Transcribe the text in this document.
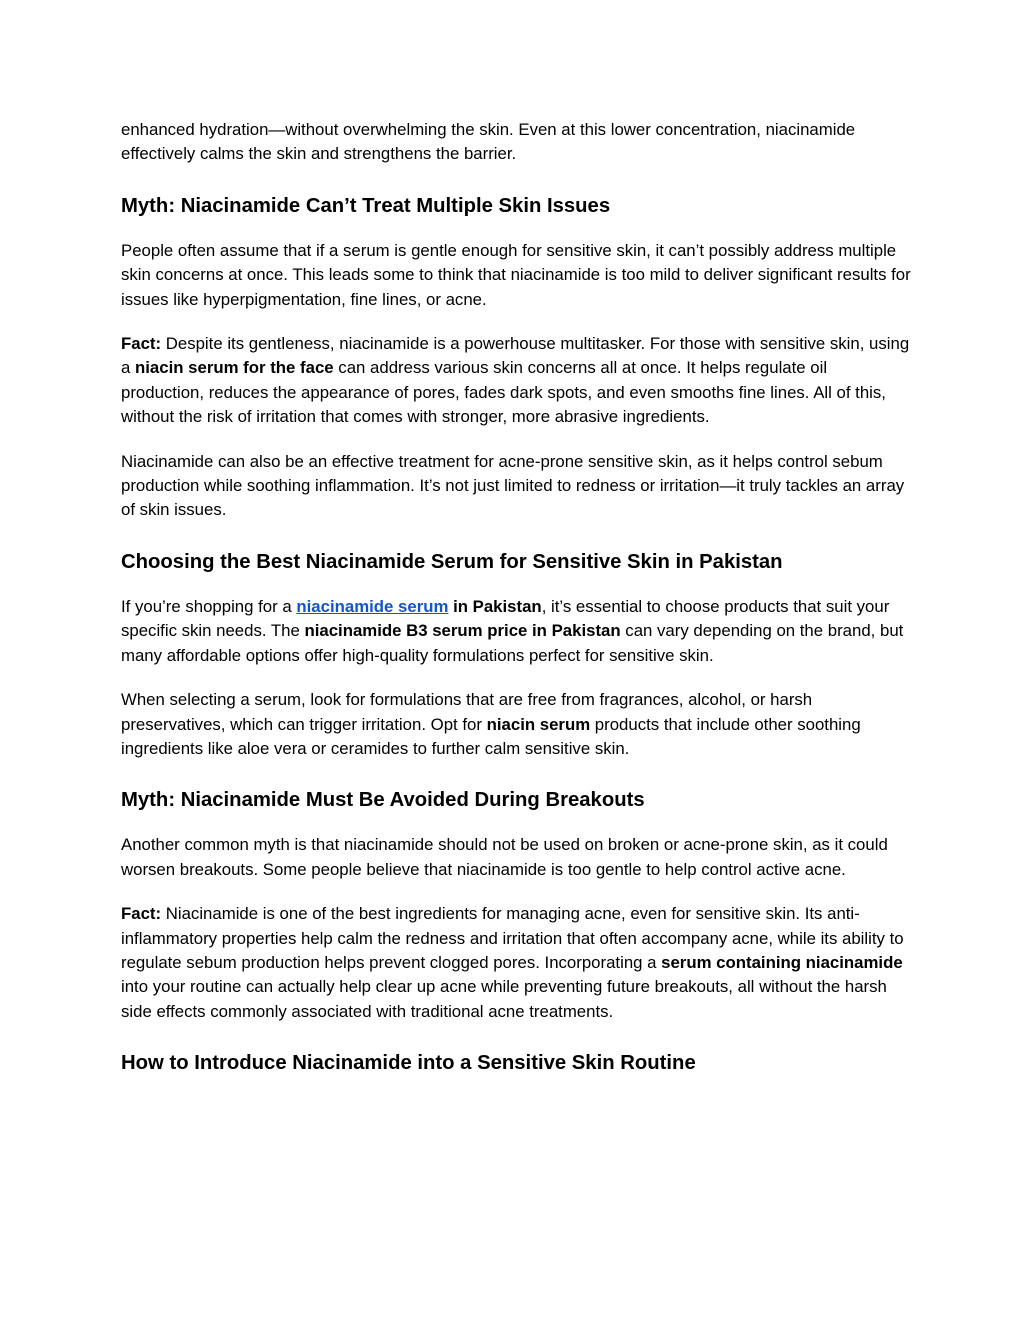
enhanced hydration—without overwhelming the skin. Even at this lower concentration, niacinamide effectively calms the skin and strengthens the barrier.

Myth: Niacinamide Can’t Treat Multiple Skin Issues

People often assume that if a serum is gentle enough for sensitive skin, it can’t possibly address multiple skin concerns at once. This leads some to think that niacinamide is too mild to deliver significant results for issues like hyperpigmentation, fine lines, or acne.

Fact: Despite its gentleness, niacinamide is a powerhouse multitasker. For those with sensitive skin, using a niacin serum for the face can address various skin concerns all at once. It helps regulate oil production, reduces the appearance of pores, fades dark spots, and even smooths fine lines. All of this, without the risk of irritation that comes with stronger, more abrasive ingredients.

Niacinamide can also be an effective treatment for acne-prone sensitive skin, as it helps control sebum production while soothing inflammation. It’s not just limited to redness or irritation—it truly tackles an array of skin issues.

Choosing the Best Niacinamide Serum for Sensitive Skin in Pakistan

If you’re shopping for a niacinamide serum in Pakistan, it’s essential to choose products that suit your specific skin needs. The niacinamide B3 serum price in Pakistan can vary depending on the brand, but many affordable options offer high-quality formulations perfect for sensitive skin.

When selecting a serum, look for formulations that are free from fragrances, alcohol, or harsh preservatives, which can trigger irritation. Opt for niacin serum products that include other soothing ingredients like aloe vera or ceramides to further calm sensitive skin.

Myth: Niacinamide Must Be Avoided During Breakouts

Another common myth is that niacinamide should not be used on broken or acne-prone skin, as it could worsen breakouts. Some people believe that niacinamide is too gentle to help control active acne.

Fact: Niacinamide is one of the best ingredients for managing acne, even for sensitive skin. Its anti-inflammatory properties help calm the redness and irritation that often accompany acne, while its ability to regulate sebum production helps prevent clogged pores. Incorporating a serum containing niacinamide into your routine can actually help clear up acne while preventing future breakouts, all without the harsh side effects commonly associated with traditional acne treatments.

How to Introduce Niacinamide into a Sensitive Skin Routine
